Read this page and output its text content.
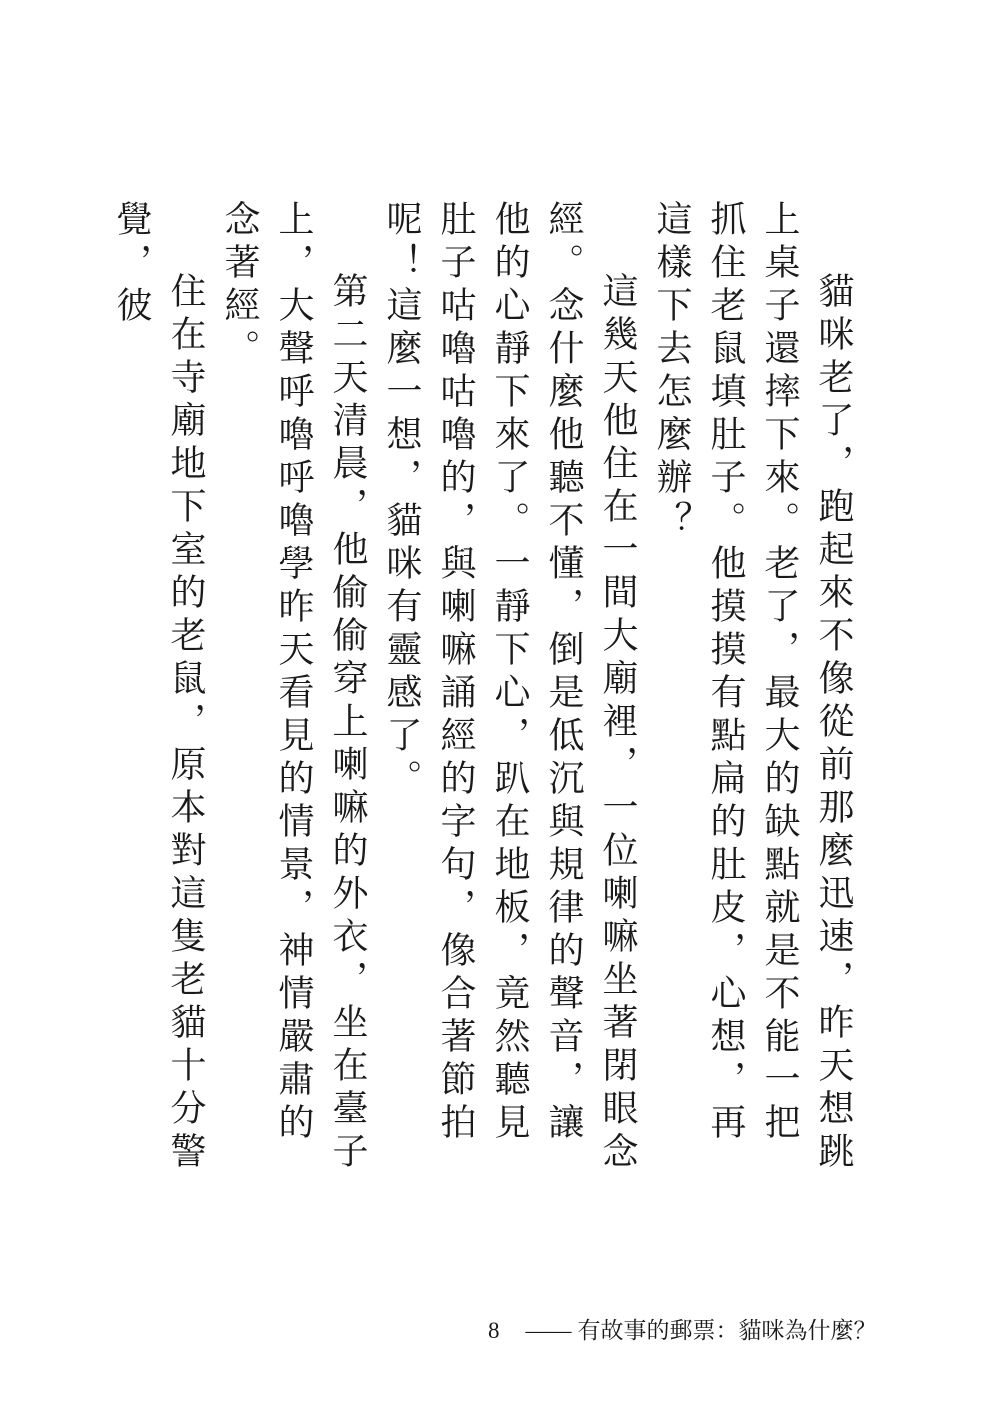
貓咪老了，跑起來不像從前那麼迅速，昨天想跳上桌子還摔下來。老了，最大的缺點就是不能一把抓住老鼠填肚子。他摸摸有點扁的肚皮，心想，再這樣下去怎麼辦？

這幾天他住在一間大廟裡，一位喇嘛坐著閉眼念經。念什麼他聽不懂，倒是低沉與規律的聲音，讓他的心靜下來了。一靜下心，趴在地板，竟然聽見肚子咕嚕咕嚕的，與喇嘛誦經的字句，像合著節拍呢！這麼一想，貓咪有靈感了。

第二天清晨，他偷偷穿上喇嘛的外衣，坐在臺子上，大聲呼嚕呼嚕學昨天看見的情景，神情嚴肅的念著經。

住在寺廟地下室的老鼠，原本對這隻老貓十分警覺，彼

8 —— 有故事的郵票：貓咪為什麼？
